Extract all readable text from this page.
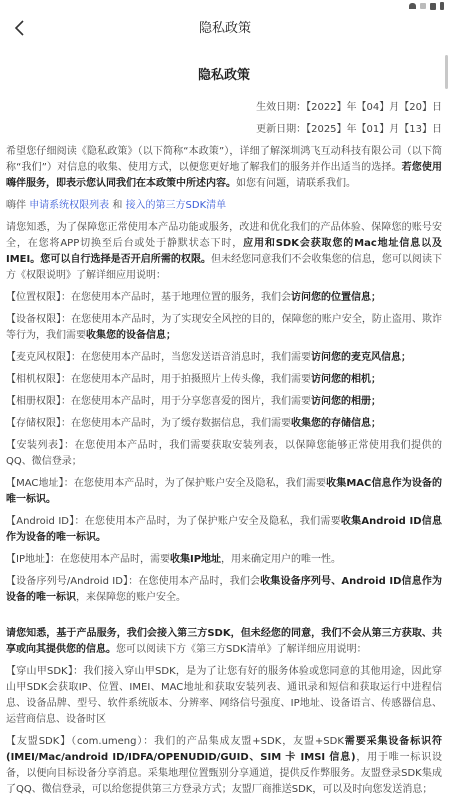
隐私政策
隐私政策
生效日期：【2022】年【04】月【20】日
更新日期：【2025】年【01】月【13】日

希望您仔细阅读《隐私政策》（以下简称“本政策”），详细了解深圳鸿飞互动科技有限公司（以下简称“我们”）对信息的收集、使用方式，以便您更好地了解我们的服务并作出适当的选择。若您使用嗨伴服务，即表示您认同我们在本政策中所述内容。如您有问题，请联系我们。

嗨伴 申请系统权限列表 和 接入的第三方SDK清单

请您知悉，为了保障您正常使用本产品功能或服务，改进和优化我们的产品体验、保障您的账号安全，在您将APP切换至后台或处于静默状态下时，应用和SDK会获取您的Mac地址信息以及IMEI。您可以自行选择是否开启所需的权限。但未经您同意我们不会收集您的信息，您可以阅读下方《权限说明》了解详细应用说明：

【位置权限】：在您使用本产品时，基于地理位置的服务，我们会访问您的位置信息；

【设备权限】：在您使用本产品时，为了实现安全风控的目的，保障您的账户安全，防止盗用、欺诈等行为，我们需要收集您的设备信息；

【麦克风权限】：在您使用本产品时，当您发送语音消息时，我们需要访问您的麦克风信息；

【相机权限】：在您使用本产品时，用于拍摄照片上传头像，我们需要访问您的相机；

【相册权限】：在您使用本产品时，用于分享您喜爱的图片，我们需要访问您的相册；

【存储权限】：在您使用本产品时，为了缓存数据信息，我们需要收集您的存储信息；

【安装列表】：在您使用本产品时，我们需要获取安装列表，以保障您能够正常使用我们提供的QQ、微信登录；

【MAC地址】：在您使用本产品时，为了保护账户安全及隐私，我们需要收集MAC信息作为设备的唯一标识。

【Android ID】：在您使用本产品时，为了保护账户安全及隐私，我们需要收集Android ID信息作为设备的唯一标识。

【IP地址】：在您使用本产品时，需要收集IP地址，用来确定用户的唯一性。

【设备序列号/Android ID】：在您使用本产品时，我们会收集设备序列号、Android ID信息作为设备的唯一标识，来保障您的账户安全。

请您知悉，基于产品服务，我们会接入第三方SDK，但未经您的同意，我们不会从第三方获取、共享或向其提供您的信息。您可以阅读下方《第三方SDK清单》了解详细应用说明：

【穿山甲SDK】：我们接入穿山甲SDK，是为了让您有好的服务体验或您同意的其他用途，因此穿山甲SDK会获取IP、位置、IMEI、MAC地址和获取安装列表、通讯录和短信和获取运行中进程信息、设备品牌、型号、软件系统版本、分辨率、网络信号强度、IP地址、设备语言、传感器信息、运营商信息、设备时区

【友盟SDK】（com.umeng）：我们的产品集成友盟+SDK，友盟+SDK需要采集设备标识符(IMEI/Mac/android ID/IDFA/OPENUDID/GUID、SIM 卡 IMSI 信息)，用于唯一标识设备，以便向目标设备分享消息。采集地理位置甄别分享通道，提供反作弊服务。友盟登录SDK集成了QQ、微信登录，可以给您提供第三方登录方式；友盟厂商推送SDK，可以及时向您发送消息；
